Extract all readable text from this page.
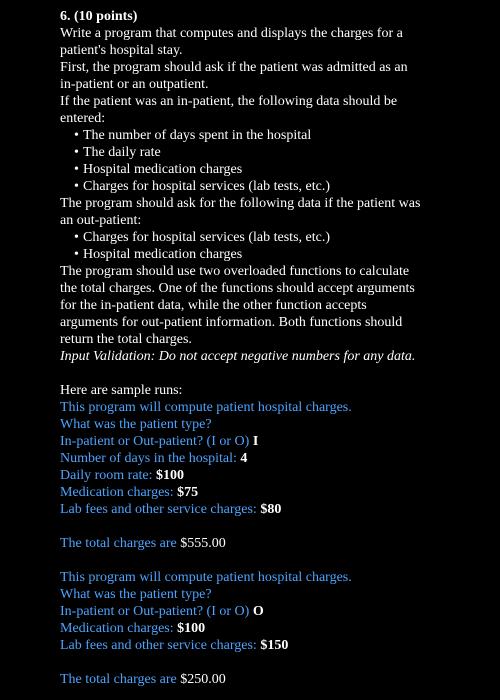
6. (10 points)

Write a program that computes and displays the charges for a

patient's hospital stay.

First, the program should ask if the patient was admitted as an

in-patient or an outpatient.

If the patient was an in-patient, the following data should be

entered:

• The number of days spent in the hospital
• The daily rate
• Hospital medication charges
• Charges for hospital services (lab tests, etc.)

The program should ask for the following data if the patient was

an out-patient:

• Charges for hospital services (lab tests, etc.)
• Hospital medication charges

The program should use two overloaded functions to calculate

the total charges. One of the functions should accept arguments

for the in-patient data, while the other function accepts

arguments for out-patient information. Both functions should

return the total charges.

Input Validation: Do not accept negative numbers for any data.

Here are sample runs:

This program will compute patient hospital charges.

What was the patient type?

In-patient or Out-patient? (I or O) I

Number of days in the hospital: 4

Daily room rate: $100

Medication charges: $75

Lab fees and other service charges: $80

The total charges are $555.00

This program will compute patient hospital charges.

What was the patient type?

In-patient or Out-patient? (I or O) O

Medication charges: $100

Lab fees and other service charges: $150

The total charges are $250.00
